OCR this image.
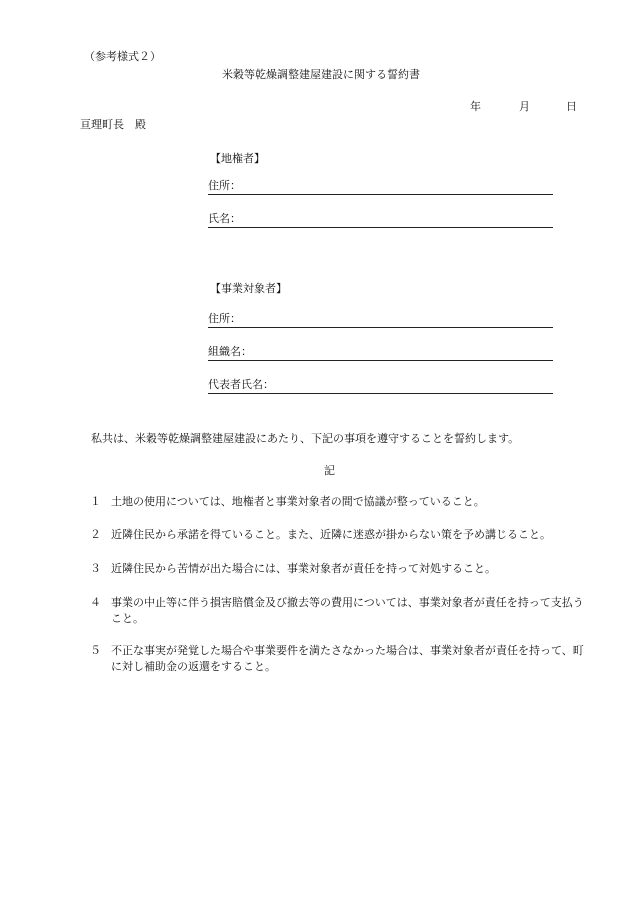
（参考様式２）
米穀等乾燥調整建屋建設に関する誓約書
年	月	日
亘理町長　殿
【地権者】
住所：
氏名：
【事業対象者】
住所：
組織名：
代表者氏名：
私共は、米穀等乾燥調整建屋建設にあたり、下記の事項を遵守することを誓約します。
記
１ 土地の使用については、地権者と事業対象者の間で協議が整っていること。
２ 近隣住民から承諾を得ていること。また、近隣に迷惑が掛からない策を予め講じること。
３ 近隣住民から苦情が出た場合には、事業対象者が責任を持って対処すること。
４ 事業の中止等に伴う損害賠償金及び撤去等の費用については、事業対象者が責任を持って支払うこと。
５ 不正な事実が発覚した場合や事業要件を満たさなかった場合は、事業対象者が責任を持って、町に対し補助金の返還をすること。
